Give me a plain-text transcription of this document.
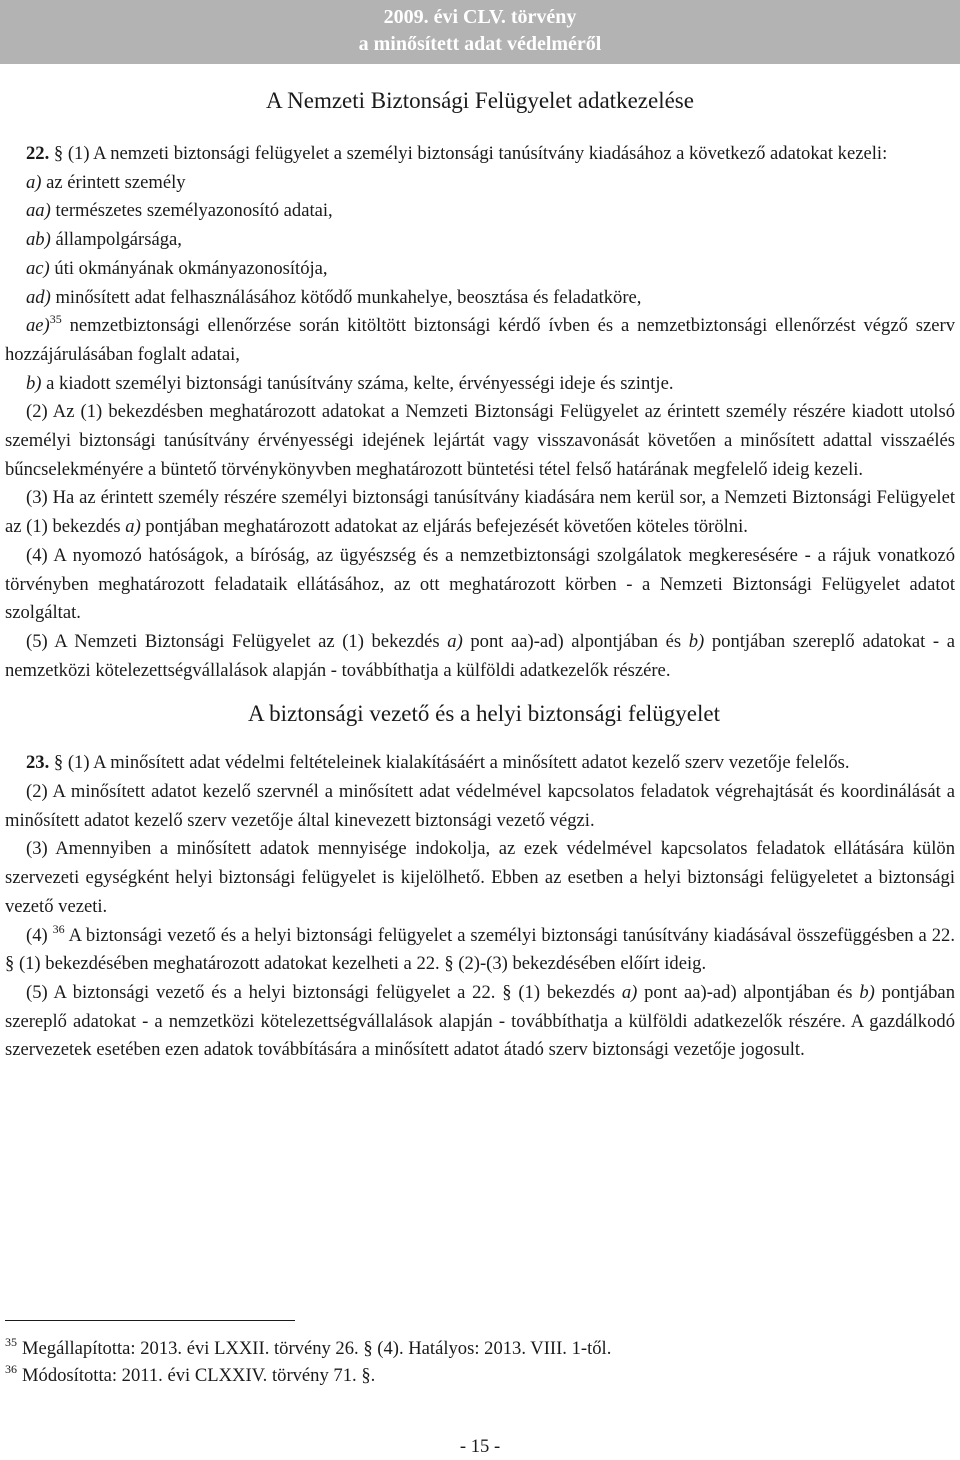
2009. évi CLV. törvény
a minősített adat védelméről
A Nemzeti Biztonsági Felügyelet adatkezelése

22. § (1) A nemzeti biztonsági felügyelet a személyi biztonsági tanúsítvány kiadásához a következő adatokat kezeli:

a) az érintett személy

aa) természetes személyazonosító adatai,

ab) állampolgársága,

ac) úti okmányának okmányazonosítója,

ad) minősített adat felhasználásához kötődő munkahelye, beosztása és feladatköre,

ae)$^{35}$ nemzetbiztonsági ellenőrzése során kitöltött biztonsági kérdő ívben és a nemzetbiztonsági ellenőrzést végző szerv hozzájárulásában foglalt adatai,

b) a kiadott személyi biztonsági tanúsítvány száma, kelte, érvényességi ideje és szintje.

(2) Az (1) bekezdésben meghatározott adatokat a Nemzeti Biztonsági Felügyelet az érintett személy részére kiadott utolsó személyi biztonsági tanúsítvány érvényességi idejének lejártát vagy visszavonását követően a minősített adattal visszaélés bűncselekményére a büntető törvénykönyvben meghatározott büntetési tétel felső határának megfelelő ideig kezeli.

(3) Ha az érintett személy részére személyi biztonsági tanúsítvány kiadására nem kerül sor, a Nemzeti Biztonsági Felügyelet az (1) bekezdés a) pontjában meghatározott adatokat az eljárás befejezését követően köteles törölni.

(4) A nyomozó hatóságok, a bíróság, az ügyészség és a nemzetbiztonsági szolgálatok megkeresésére - a rájuk vonatkozó törvényben meghatározott feladataik ellátásához, az ott meghatározott körben - a Nemzeti Biztonsági Felügyelet adatot szolgáltat.

(5) A Nemzeti Biztonsági Felügyelet az (1) bekezdés a) pont aa)-ad) alpontjában és b) pontjában szereplő adatokat - a nemzetközi kötelezettségvállalások alapján - továbbíthatja a külföldi adatkezelők részére.

A biztonsági vezető és a helyi biztonsági felügyelet

23. § (1) A minősített adat védelmi feltételeinek kialakításáért a minősített adatot kezelő szerv vezetője felelős.

(2) A minősített adatot kezelő szervnél a minősített adat védelmével kapcsolatos feladatok végrehajtását és koordinálását a minősített adatot kezelő szerv vezetője által kinevezett biztonsági vezető végzi.

(3) Amennyiben a minősített adatok mennyisége indokolja, az ezek védelmével kapcsolatos feladatok ellátására külön szervezeti egységként helyi biztonsági felügyelet is kijelölhető. Ebben az esetben a helyi biztonsági felügyeletet a biztonsági vezető vezeti.

(4) $^{36}$ A biztonsági vezető és a helyi biztonsági felügyelet a személyi biztonsági tanúsítvány kiadásával összefüggésben a 22. § (1) bekezdésében meghatározott adatokat kezelheti a 22. § (2)-(3) bekezdésében előírt ideig.

(5) A biztonsági vezető és a helyi biztonsági felügyelet a 22. § (1) bekezdés a) pont aa)-ad) alpontjában és b) pontjában szereplő adatokat - a nemzetközi kötelezettségvállalások alapján - továbbíthatja a külföldi adatkezelők részére. A gazdálkodó szervezetek esetében ezen adatok továbbítására a minősített adatot átadó szerv biztonsági vezetője jogosult.

$^{35}$ Megállapította: 2013. évi LXXII. törvény 26. § (4). Hatályos: 2013. VIII. 1-től.
$^{36}$ Módosította: 2011. évi CLXXIV. törvény 71. §.
- 15 -
